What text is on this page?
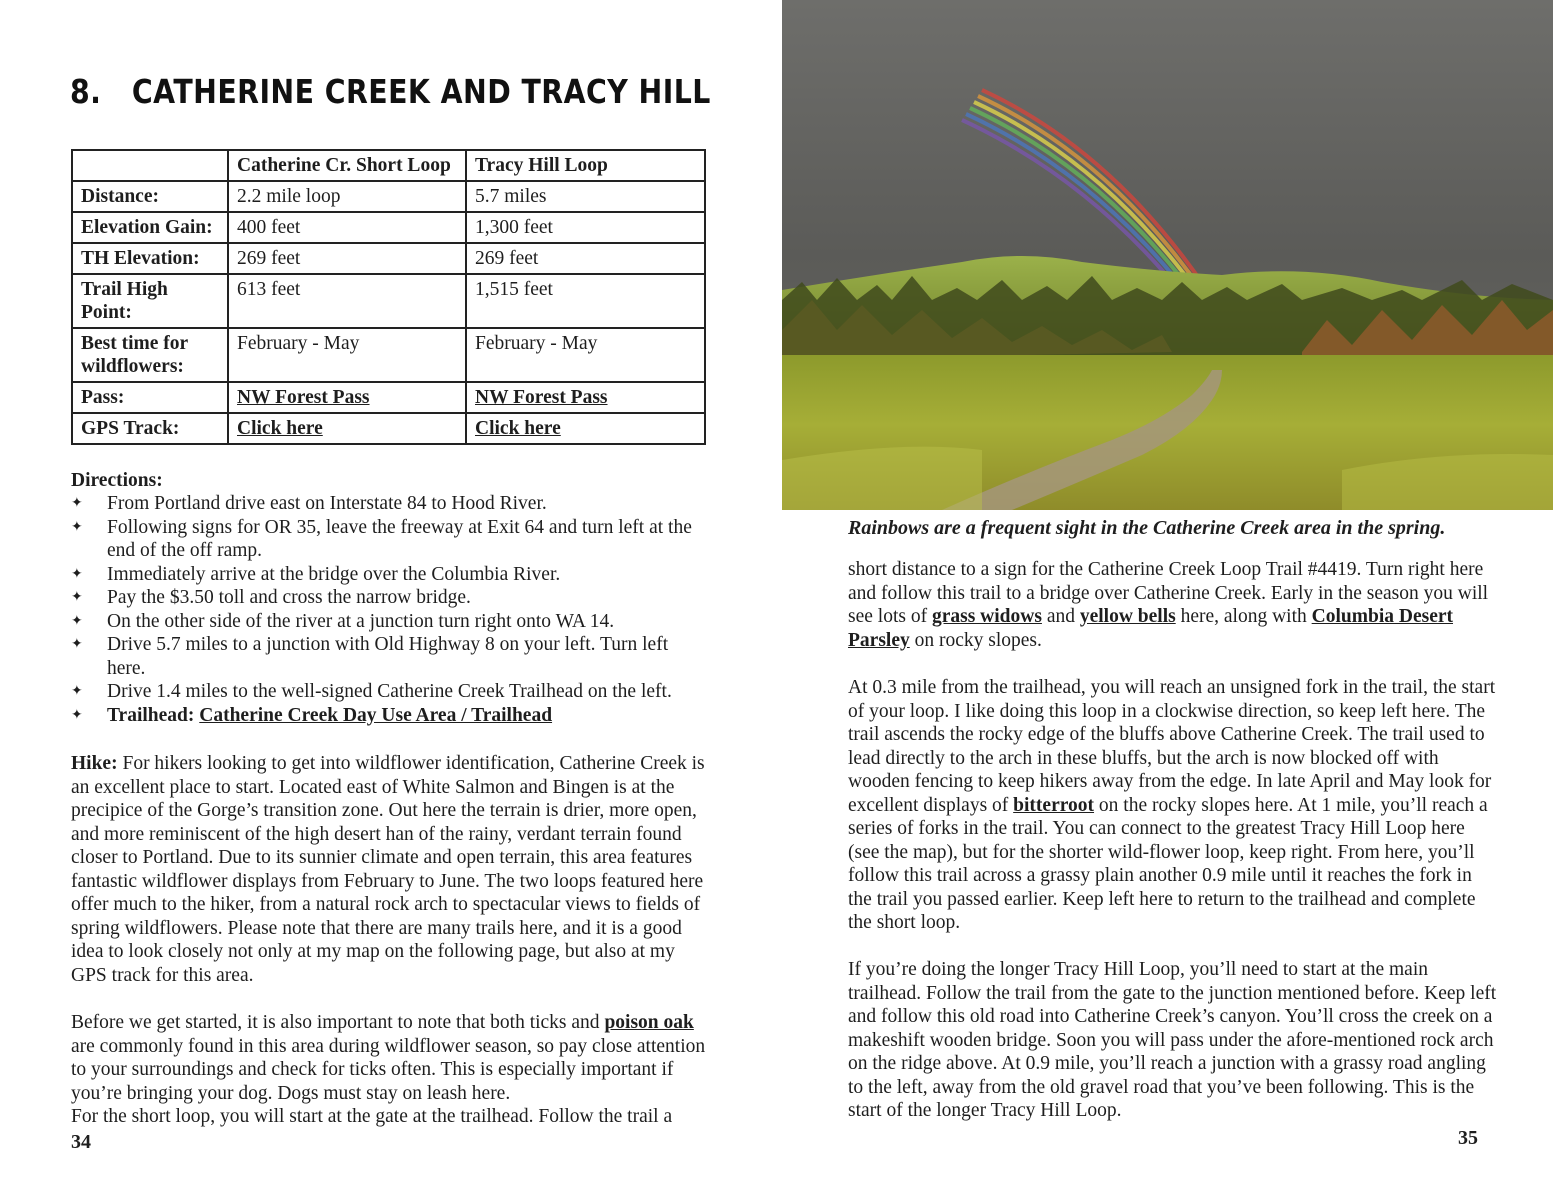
8. CATHERINE CREEK AND TRACY HILL
	Catherine Cr. Short Loop	Tracy Hill Loop
Distance:	2.2 mile loop	5.7 miles
Elevation Gain:	400 feet	1,300 feet
TH Elevation:	269 feet	269 feet
Trail High Point:	613 feet	1,515 feet
Best time for wildflowers:	February - May	February - May
Pass:	NW Forest Pass	NW Forest Pass
GPS Track:	Click here	Click here

Directions:

✦ From Portland drive east on Interstate 84 to Hood River.
✦ Following signs for OR 35, leave the freeway at Exit 64 and turn left at the end of the off ramp.
✦ Immediately arrive at the bridge over the Columbia River.
✦ Pay the $3.50 toll and cross the narrow bridge.
✦ On the other side of the river at a junction turn right onto WA 14.
✦ Drive 5.7 miles to a junction with Old Highway 8 on your left. Turn left here.
✦ Drive 1.4 miles to the well-signed Catherine Creek Trailhead on the left.
✦ Trailhead: Catherine Creek Day Use Area / Trailhead

Hike: For hikers looking to get into wildflower identification, Catherine Creek is an excellent place to start. Located east of White Salmon and Bingen is at the precipice of the Gorge’s transition zone. Out here the terrain is drier, more open, and more reminiscent of the high desert han of the rainy, verdant terrain found closer to Portland. Due to its sunnier climate and open terrain, this area features fantastic wildflower displays from February to June. The two loops featured here offer much to the hiker, from a natural rock arch to spectacular views to fields of spring wildflowers. Please note that there are many trails here, and it is a good idea to look closely not only at my map on the following page, but also at my GPS track for this area.

Before we get started, it is also important to note that both ticks and poison oak are commonly found in this area during wildflower season, so pay close attention to your surroundings and check for ticks often. This is especially important if you’re bringing your dog. Dogs must stay on leash here.
For the short loop, you will start at the gate at the trailhead. Follow the trail a

34
Rainbows are a frequent sight in the Catherine Creek area in the spring.

short distance to a sign for the Catherine Creek Loop Trail #4419. Turn right here and follow this trail to a bridge over Catherine Creek. Early in the season you will see lots of grass widows and yellow bells here, along with Columbia Desert Parsley on rocky slopes.

At 0.3 mile from the trailhead, you will reach an unsigned fork in the trail, the start of your loop. I like doing this loop in a clockwise direction, so keep left here. The trail ascends the rocky edge of the bluffs above Catherine Creek. The trail used to lead directly to the arch in these bluffs, but the arch is now blocked off with wooden fencing to keep hikers away from the edge. In late April and May look for excellent displays of bitterroot on the rocky slopes here. At 1 mile, you’ll reach a series of forks in the trail. You can connect to the greatest Tracy Hill Loop here (see the map), but for the shorter wild-flower loop, keep right. From here, you’ll follow this trail across a grassy plain another 0.9 mile until it reaches the fork in the trail you passed earlier. Keep left here to return to the trailhead and complete the short loop.

If you’re doing the longer Tracy Hill Loop, you’ll need to start at the main trailhead. Follow the trail from the gate to the junction mentioned before. Keep left and follow this old road into Catherine Creek’s canyon. You’ll cross the creek on a makeshift wooden bridge. Soon you will pass under the afore-mentioned rock arch on the ridge above. At 0.9 mile, you’ll reach a junction with a grassy road angling to the left, away from the old gravel road that you’ve been following. This is the start of the longer Tracy Hill Loop.

35
